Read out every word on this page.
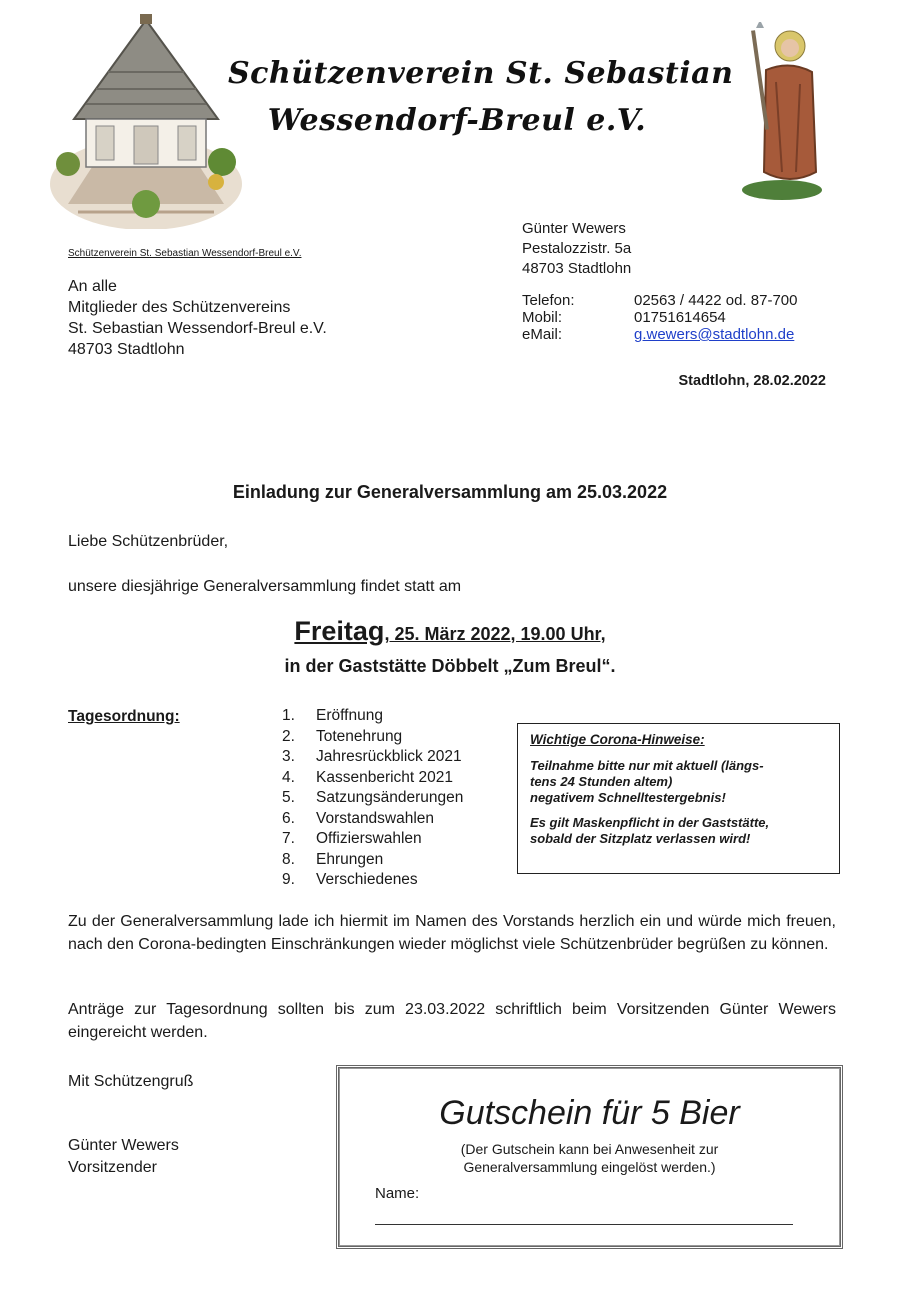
Schützenverein St. Sebastian
Wessendorf-Breul e.V.
Schützenverein St. Sebastian Wessendorf-Breul e.V.
An alle
Mitglieder des Schützenvereins
St. Sebastian Wessendorf-Breul e.V.
48703 Stadtlohn
Günter Wewers
Pestalozzistr. 5a
48703 Stadtlohn
Telefon:	02563 / 4422 od. 87-700
Mobil:	01751614654
eMail:	g.wewers@stadtlohn.de
Stadtlohn, 28.02.2022
Einladung zur Generalversammlung am 25.03.2022
Liebe Schützenbrüder,
unsere diesjährige Generalversammlung findet statt am
Freitag, 25. März 2022, 19.00 Uhr,
in der Gaststätte Döbbelt „Zum Breul“.
Tagesordnung:	1. Eröffnung
2. Totenehrung
3. Jahresrückblick 2021
4. Kassenbericht 2021
5. Satzungsänderungen
6. Vorstandswahlen
7. Offizierswahlen
8. Ehrungen
9. Verschiedenes
Wichtige Corona-Hinweise:
Teilnahme bitte nur mit aktuell (längs-
tens 24 Stunden altem)
negativem Schnelltestergebnis!
Es gilt Maskenpflicht in der Gaststätte,
sobald der Sitzplatz verlassen wird!
Zu der Generalversammlung lade ich hiermit im Namen des Vorstands herzlich ein und würde mich freuen, nach den Corona-bedingten Einschränkungen wieder möglichst viele Schützenbrüder begrüßen zu können.
Anträge zur Tagesordnung sollten bis zum 23.03.2022 schriftlich beim Vorsitzenden Günter Wewers eingereicht werden.
Mit Schützengruß
Günter Wewers
Vorsitzender
Gutschein für 5 Bier
(Der Gutschein kann bei Anwesenheit zur
Generalversammlung eingelöst werden.)
Name:
